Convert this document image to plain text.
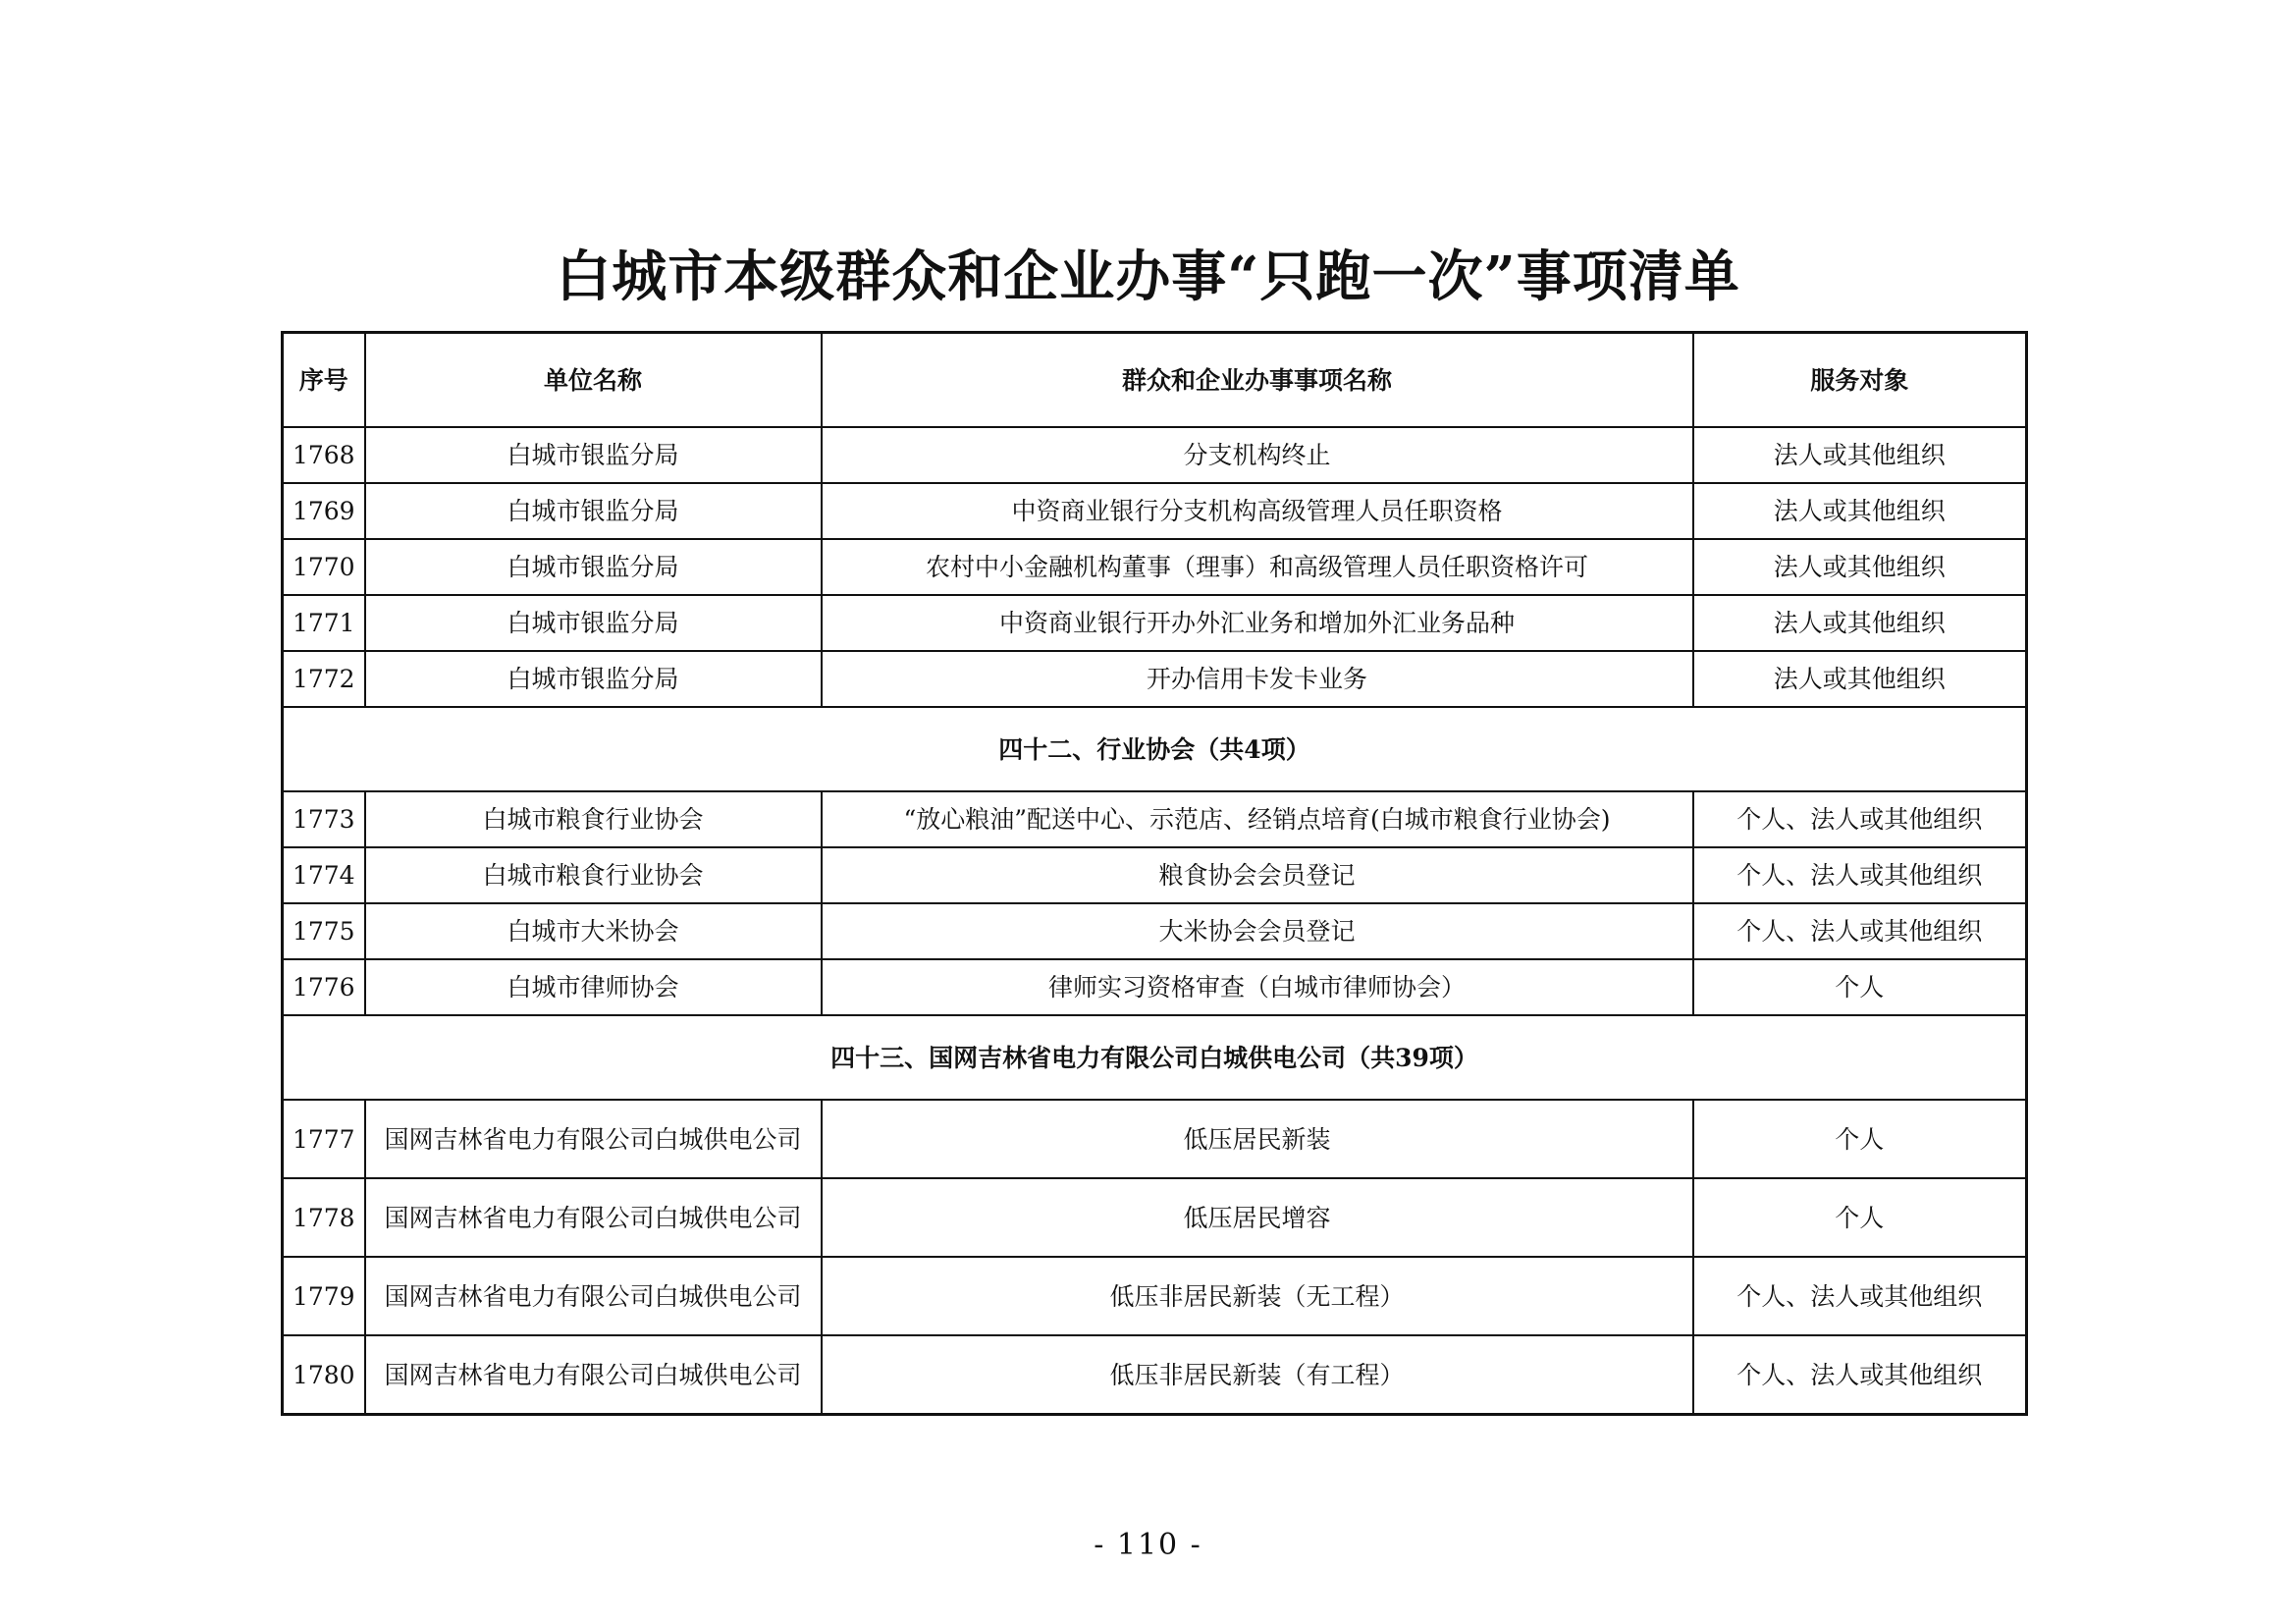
白城市本级群众和企业办事“只跑一次”事项清单
序号	单位名称	群众和企业办事事项名称	服务对象
1768	白城市银监分局	分支机构终止	法人或其他组织
1769	白城市银监分局	中资商业银行分支机构高级管理人员任职资格	法人或其他组织
1770	白城市银监分局	农村中小金融机构董事（理事）和高级管理人员任职资格许可	法人或其他组织
1771	白城市银监分局	中资商业银行开办外汇业务和增加外汇业务品种	法人或其他组织
1772	白城市银监分局	开办信用卡发卡业务	法人或其他组织
四十二、行业协会（共4项）			
1773	白城市粮食行业协会	“放心粮油”配送中心、示范店、经销点培育(白城市粮食行业协会)	个人、法人或其他组织
1774	白城市粮食行业协会	粮食协会会员登记	个人、法人或其他组织
1775	白城市大米协会	大米协会会员登记	个人、法人或其他组织
1776	白城市律师协会	律师实习资格审查（白城市律师协会）	个人
四十三、国网吉林省电力有限公司白城供电公司（共39项）			
1777	国网吉林省电力有限公司白城供电公司	低压居民新装	个人
1778	国网吉林省电力有限公司白城供电公司	低压居民增容	个人
1779	国网吉林省电力有限公司白城供电公司	低压非居民新装（无工程）	个人、法人或其他组织
1780	国网吉林省电力有限公司白城供电公司	低压非居民新装（有工程）	个人、法人或其他组织
- 110 -
